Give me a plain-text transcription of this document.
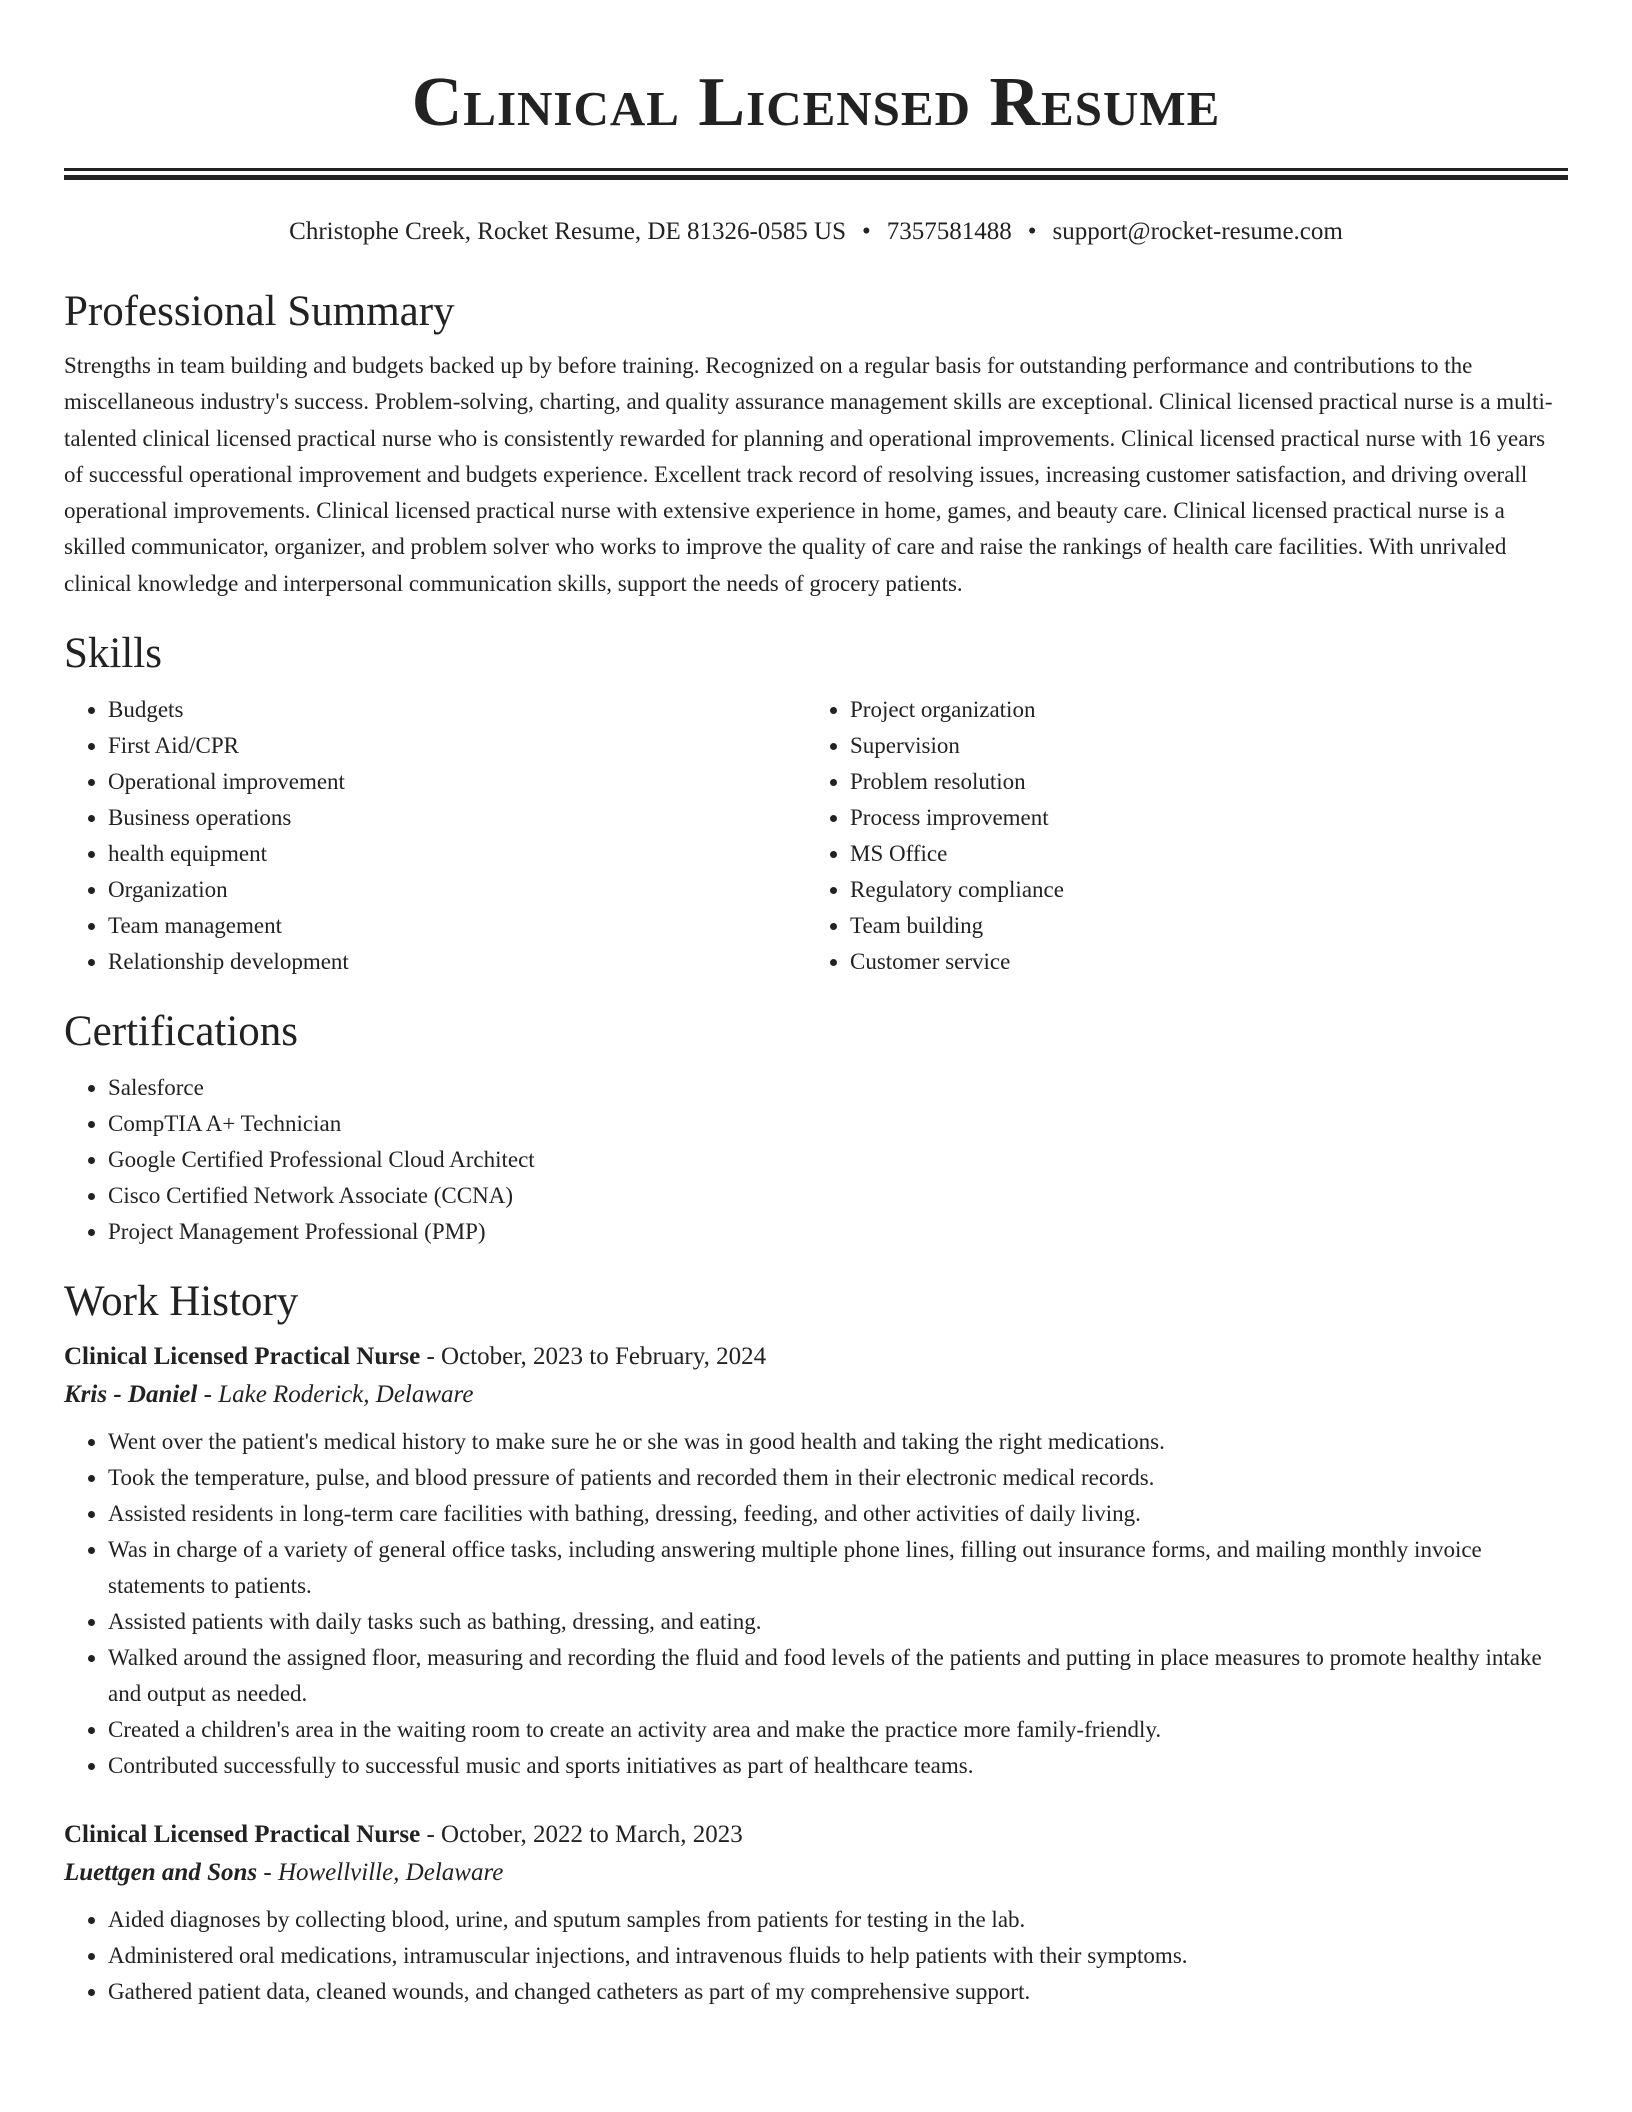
Clinical Licensed Resume
Christophe Creek, Rocket Resume, DE 81326-0585 US • 7357581488 • support@rocket-resume.com
Professional Summary

Strengths in team building and budgets backed up by before training. Recognized on a regular basis for outstanding performance and contributions to the miscellaneous industry's success. Problem-solving, charting, and quality assurance management skills are exceptional. Clinical licensed practical nurse is a multi-talented clinical licensed practical nurse who is consistently rewarded for planning and operational improvements. Clinical licensed practical nurse with 16 years of successful operational improvement and budgets experience. Excellent track record of resolving issues, increasing customer satisfaction, and driving overall operational improvements. Clinical licensed practical nurse with extensive experience in home, games, and beauty care. Clinical licensed practical nurse is a skilled communicator, organizer, and problem solver who works to improve the quality of care and raise the rankings of health care facilities. With unrivaled clinical knowledge and interpersonal communication skills, support the needs of grocery patients.

Skills
• Budgets
• First Aid/CPR
• Operational improvement
• Business operations
• health equipment
• Organization
• Team management
• Relationship development
• Project organization
• Supervision
• Problem resolution
• Process improvement
• MS Office
• Regulatory compliance
• Team building
• Customer service
Certifications
• Salesforce
• CompTIA A+ Technician
• Google Certified Professional Cloud Architect
• Cisco Certified Network Associate (CCNA)
• Project Management Professional (PMP)
Work History
Clinical Licensed Practical Nurse - October, 2023 to February, 2024
Kris - Daniel - Lake Roderick, Delaware
• Went over the patient's medical history to make sure he or she was in good health and taking the right medications.
• Took the temperature, pulse, and blood pressure of patients and recorded them in their electronic medical records.
• Assisted residents in long-term care facilities with bathing, dressing, feeding, and other activities of daily living.
• Was in charge of a variety of general office tasks, including answering multiple phone lines, filling out insurance forms, and mailing monthly invoice statements to patients.
• Assisted patients with daily tasks such as bathing, dressing, and eating.
• Walked around the assigned floor, measuring and recording the fluid and food levels of the patients and putting in place measures to promote healthy intake and output as needed.
• Created a children's area in the waiting room to create an activity area and make the practice more family-friendly.
• Contributed successfully to successful music and sports initiatives as part of healthcare teams.
Clinical Licensed Practical Nurse - October, 2022 to March, 2023
Luettgen and Sons - Howellville, Delaware
• Aided diagnoses by collecting blood, urine, and sputum samples from patients for testing in the lab.
• Administered oral medications, intramuscular injections, and intravenous fluids to help patients with their symptoms.
• Gathered patient data, cleaned wounds, and changed catheters as part of my comprehensive support.
